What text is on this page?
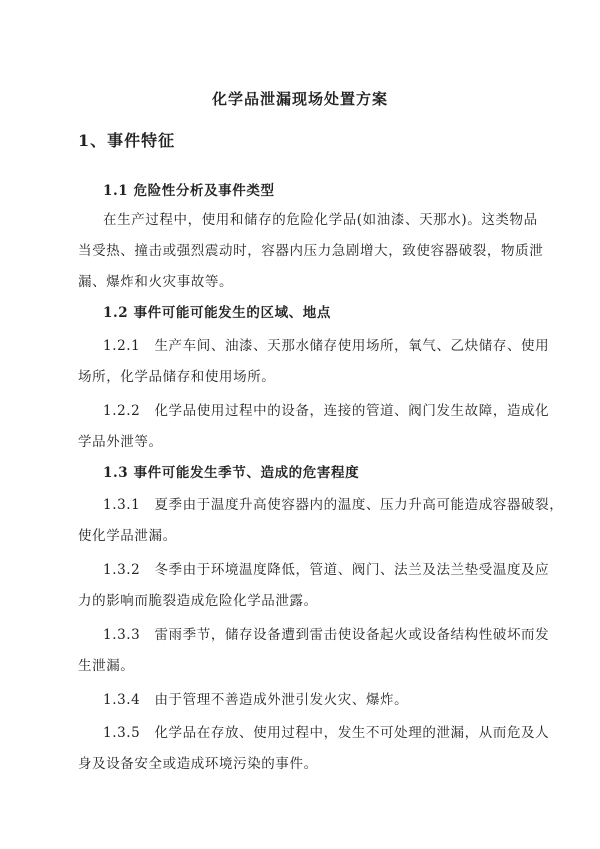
化学品泄漏现场处置方案
1、事件特征
1.1 危险性分析及事件类型
在生产过程中，使用和储存的危险化学品(如油漆、天那水)。这类物品
当受热、撞击或强烈震动时，容器内压力急剧增大，致使容器破裂，物质泄
漏、爆炸和火灾事故等。
1.2 事件可能可能发生的区域、地点
1.2.1　生产车间、油漆、天那水储存使用场所，氧气、乙炔储存、使用
场所，化学品储存和使用场所。
1.2.2　化学品使用过程中的设备，连接的管道、阀门发生故障，造成化
学品外泄等。
1.3 事件可能发生季节、造成的危害程度
1.3.1　夏季由于温度升高使容器内的温度、压力升高可能造成容器破裂，
使化学品泄漏。
1.3.2　冬季由于环境温度降低，管道、阀门、法兰及法兰垫受温度及应
力的影响而脆裂造成危险化学品泄露。
1.3.3　雷雨季节，储存设备遭到雷击使设备起火或设备结构性破坏而发
生泄漏。
1.3.4　由于管理不善造成外泄引发火灾、爆炸。
1.3.5　化学品在存放、使用过程中，发生不可处理的泄漏，从而危及人
身及设备安全或造成环境污染的事件。
